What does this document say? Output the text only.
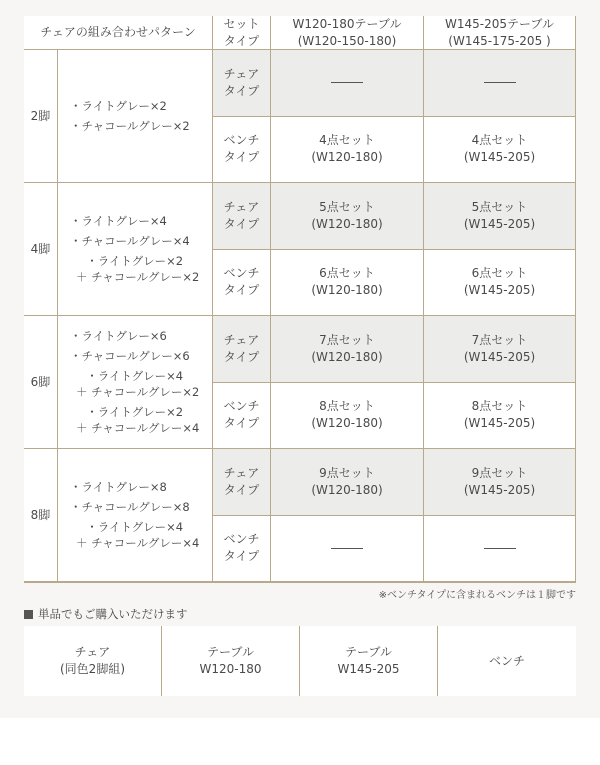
チェアの組み合わせパターン
セット
タイプ
W120-180テーブル
(W120-150-180)
W145-205テーブル
(W145-175-205 )
2脚
・ライトグレー×2
・チャコールグレー×2
チェア
タイプ
ベンチ
タイプ
4点セット
(W120-180)
4点セット
(W145-205)
4脚
・ライトグレー×4
・チャコールグレー×4
・ライトグレー×2
＋ チャコールグレー×2
チェア
タイプ
5点セット
(W120-180)
5点セット
(W145-205)
ベンチ
タイプ
6点セット
(W120-180)
6点セット
(W145-205)
6脚
・ライトグレー×6
・チャコールグレー×6
・ライトグレー×4
＋ チャコールグレー×2
・ライトグレー×2
＋ チャコールグレー×4
チェア
タイプ
7点セット
(W120-180)
7点セット
(W145-205)
ベンチ
タイプ
8点セット
(W120-180)
8点セット
(W145-205)
8脚
・ライトグレー×8
・チャコールグレー×8
・ライトグレー×4
＋ チャコールグレー×4
チェア
タイプ
9点セット
(W120-180)
9点セット
(W145-205)
ベンチ
タイプ
※ベンチタイプに含まれるベンチは１脚です
単品でもご購入いただけます
チェア
(同色2脚組)
テーブル
W120-180
テーブル
W145-205
ベンチ
